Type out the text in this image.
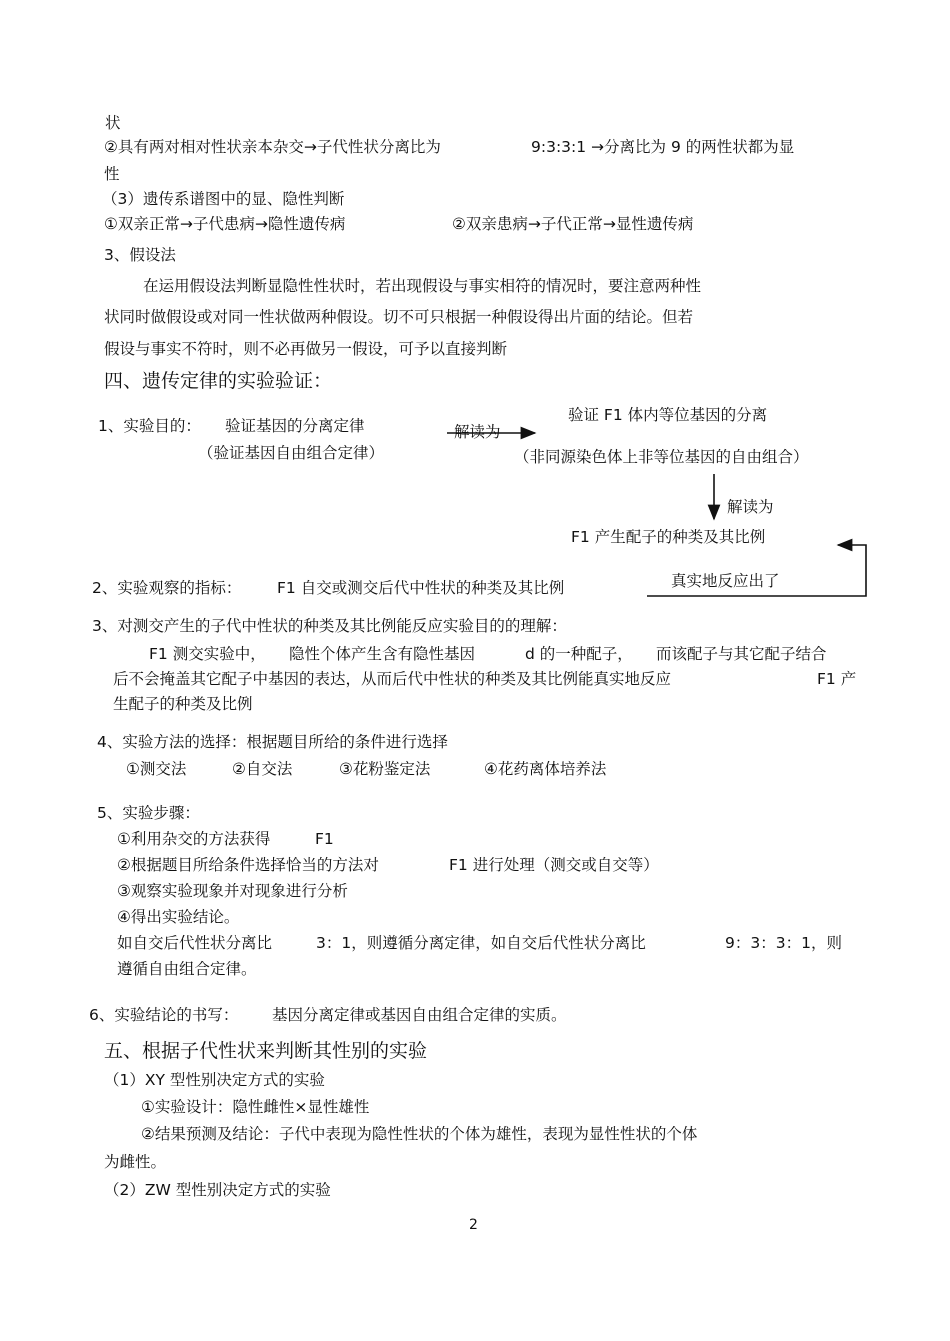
状
②具有两对相对性状亲本杂交→子代性状分离比为	9:3:3:1 →分离比为 9 的两性状都为显
性
（3）遗传系谱图中的显、隐性判断
①双亲正常→子代患病→隐性遗传病	②双亲患病→子代正常→显性遗传病
3、假设法
在运用假设法判断显隐性性状时，若出现假设与事实相符的情况时，要注意两种性
状同时做假设或对同一性状做两种假设。切不可只根据一种假设得出片面的结论。但若
假设与事实不符时，则不必再做另一假设，可予以直接判断
四、遗传定律的实验验证：
1、实验目的： 验证基因的分离定律
（验证基因自由组合定律）
解读为
验证 F1 体内等位基因的分离
（非同源染色体上非等位基因的自由组合）
解读为
F1 产生配子的种类及其比例
2、实验观察的指标： F1 自交或测交后代中性状的种类及其比例	真实地反应出了
3、对测交产生的子代中性状的种类及其比例能反应实验目的的理解：
F1 测交实验中， 隐性个体产生含有隐性基因	d 的一种配子， 而该配子与其它配子结合
后不会掩盖其它配子中基因的表达，从而后代中性状的种类及其比例能真实地反应	F1 产
生配子的种类及比例
4、实验方法的选择：根据题目所给的条件进行选择
①测交法	②自交法	③花粉鉴定法	④花药离体培养法
5、实验步骤：
①利用杂交的方法获得	F1
②根据题目所给条件选择恰当的方法对	F1 进行处理（测交或自交等）
③观察实验现象并对现象进行分析
④得出实验结论。
如自交后代性状分离比	3：1，则遵循分离定律，如自交后代性状分离比	9：3：3：1，则
遵循自由组合定律。
6、实验结论的书写： 基因分离定律或基因自由组合定律的实质。
五、根据子代性状来判断其性别的实验
（1）XY 型性别决定方式的实验
①实验设计：隐性雌性×显性雄性
②结果预测及结论：子代中表现为隐性性状的个体为雄性，表现为显性性状的个体
为雌性。
（2）ZW 型性别决定方式的实验
2
